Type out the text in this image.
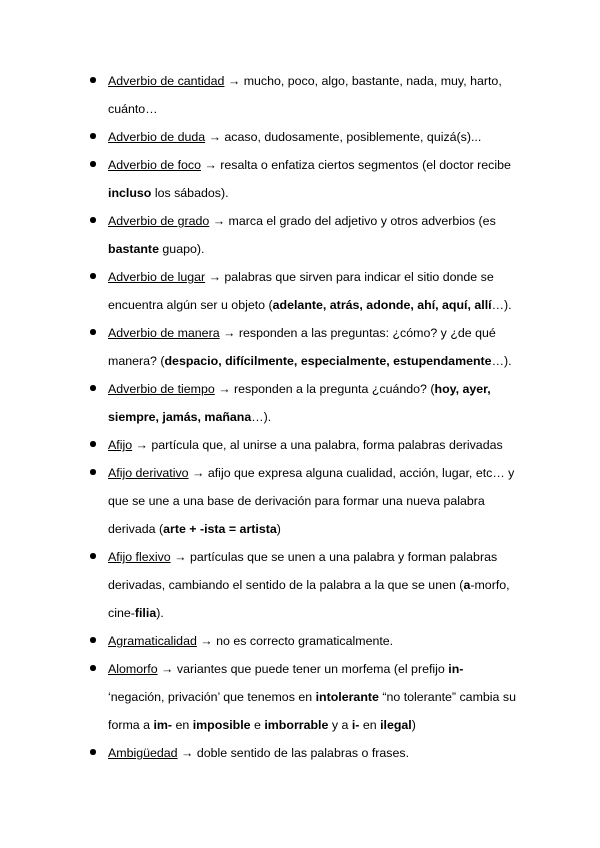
Adverbio de cantidad → mucho, poco, algo, bastante, nada, muy, harto, cuánto…
Adverbio de duda → acaso, dudosamente, posiblemente, quizá(s)...
Adverbio de foco → resalta o enfatiza ciertos segmentos (el doctor recibe incluso los sábados).
Adverbio de grado → marca el grado del adjetivo y otros adverbios (es bastante guapo).
Adverbio de lugar → palabras que sirven para indicar el sitio donde se encuentra algún ser u objeto (adelante, atrás, adonde, ahí, aquí, allí…).
Adverbio de manera → responden a las preguntas: ¿cómo? y ¿de qué manera? (despacio, difícilmente, especialmente, estupendamente…).
Adverbio de tiempo → responden a la pregunta ¿cuándo? (hoy, ayer, siempre, jamás, mañana…).
Afijo → partícula que, al unirse a una palabra, forma palabras derivadas
Afijo derivativo → afijo que expresa alguna cualidad, acción, lugar, etc… y que se une a una base de derivación para formar una nueva palabra derivada (arte + -ista = artista)
Afijo flexivo → partículas que se unen a una palabra y forman palabras derivadas, cambiando el sentido de la palabra a la que se unen (a-morfo, cine-filia).
Agramaticalidad → no es correcto gramaticalmente.
Alomorfo → variantes que puede tener un morfema (el prefijo in- ‘negación, privación’ que tenemos en intolerante “no tolerante” cambia su forma a im- en imposible e imborrable y a i- en ilegal)
Ambigüedad → doble sentido de las palabras o frases.
